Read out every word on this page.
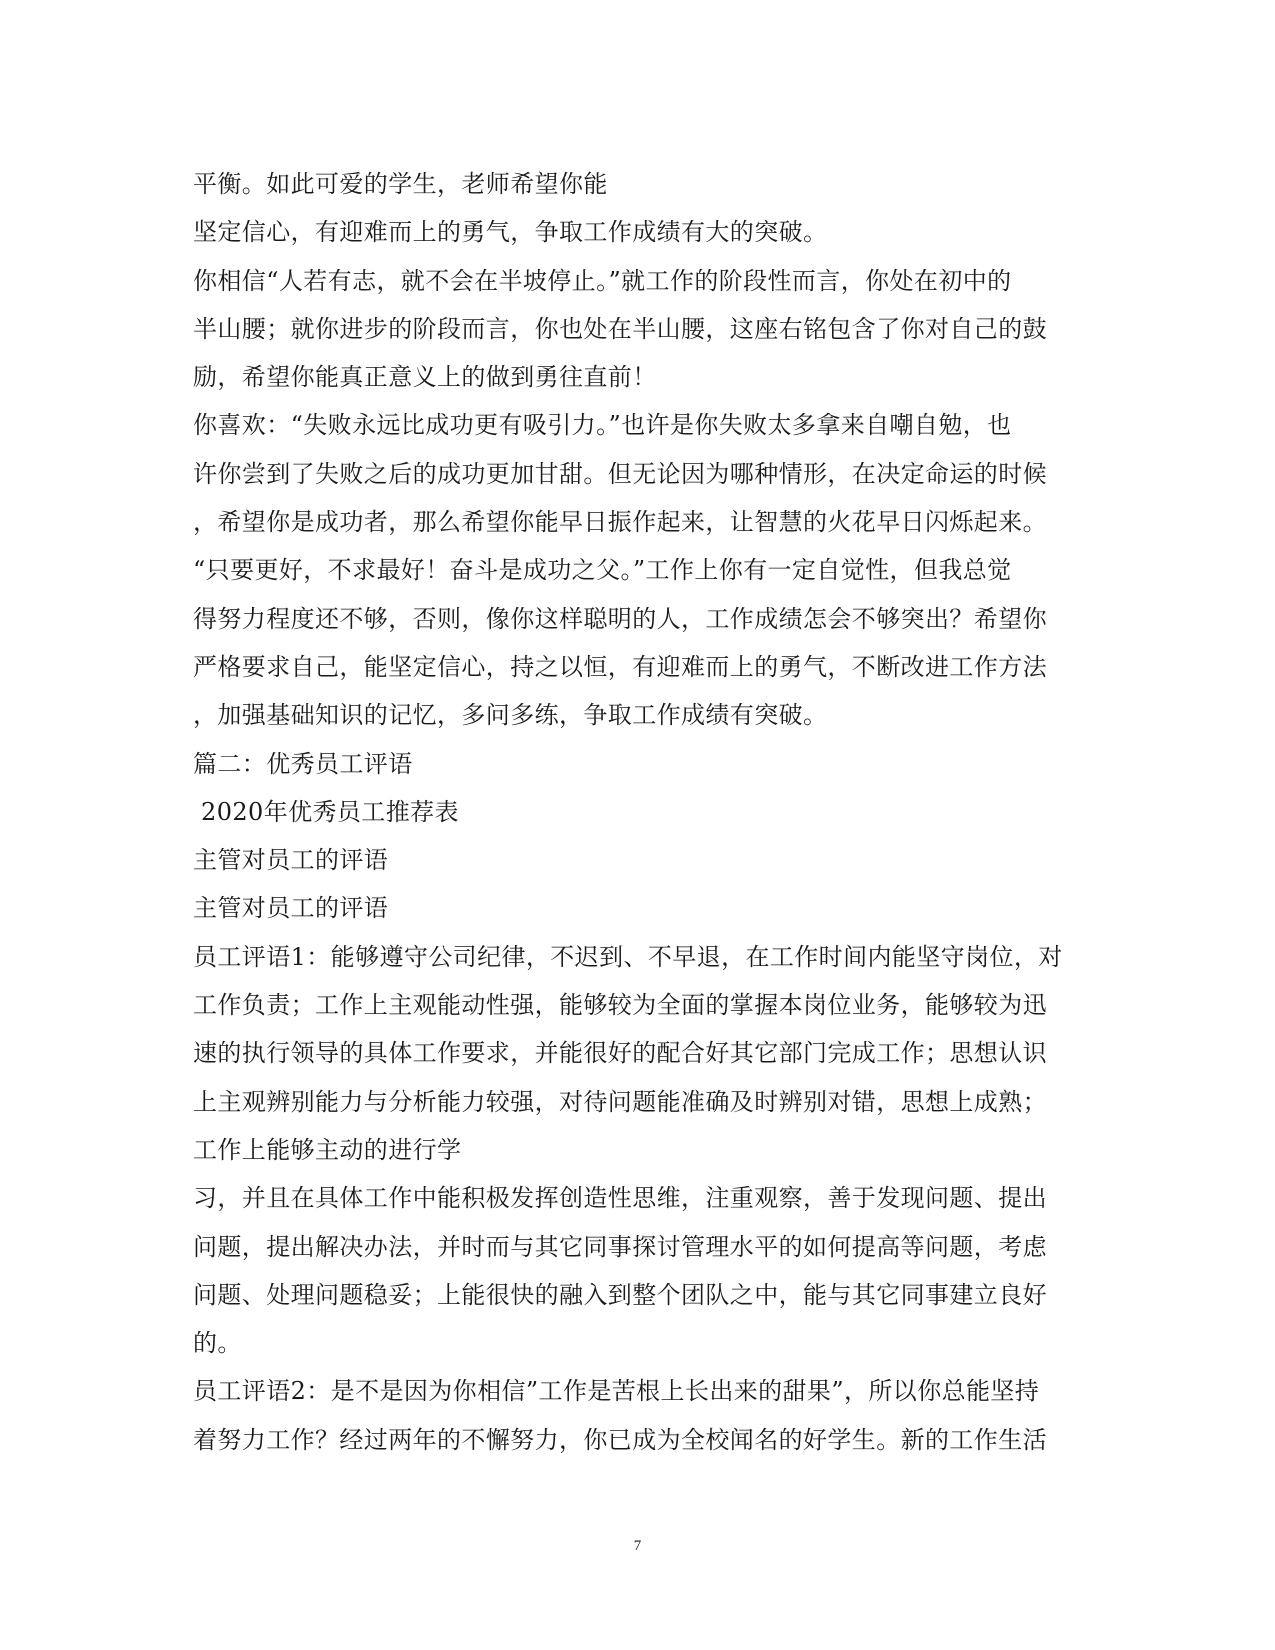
平衡。如此可爱的学生，老师希望你能
坚定信心，有迎难而上的勇气，争取工作成绩有大的突破。
你相信“人若有志，就不会在半坡停止。”就工作的阶段性而言，你处在初中的
半山腰；就你进步的阶段而言，你也处在半山腰，这座右铭包含了你对自己的鼓
励，希望你能真正意义上的做到勇往直前！
你喜欢：“失败永远比成功更有吸引力。”也许是你失败太多拿来自嘲自勉，也
许你尝到了失败之后的成功更加甘甜。但无论因为哪种情形，在决定命运的时候
，希望你是成功者，那么希望你能早日振作起来，让智慧的火花早日闪烁起来。
“只要更好，不求最好！奋斗是成功之父。”工作上你有一定自觉性，但我总觉
得努力程度还不够，否则，像你这样聪明的人，工作成绩怎会不够突出？希望你
严格要求自己，能坚定信心，持之以恒，有迎难而上的勇气，不断改进工作方法
，加强基础知识的记忆，多问多练，争取工作成绩有突破。
篇二：优秀员工评语
2020年优秀员工推荐表
主管对员工的评语
主管对员工的评语
员工评语1：能够遵守公司纪律，不迟到、不早退，在工作时间内能坚守岗位，对
工作负责；工作上主观能动性强，能够较为全面的掌握本岗位业务，能够较为迅
速的执行领导的具体工作要求，并能很好的配合好其它部门完成工作；思想认识
上主观辨别能力与分析能力较强，对待问题能准确及时辨别对错，思想上成熟；
工作上能够主动的进行学
习，并且在具体工作中能积极发挥创造性思维，注重观察，善于发现问题、提出
问题，提出解决办法，并时而与其它同事探讨管理水平的如何提高等问题，考虑
问题、处理问题稳妥；上能很快的融入到整个团队之中，能与其它同事建立良好
的。
员工评语2：是不是因为你相信”工作是苦根上长出来的甜果”，所以你总能坚持
着努力工作？经过两年的不懈努力，你已成为全校闻名的好学生。新的工作生活
7
